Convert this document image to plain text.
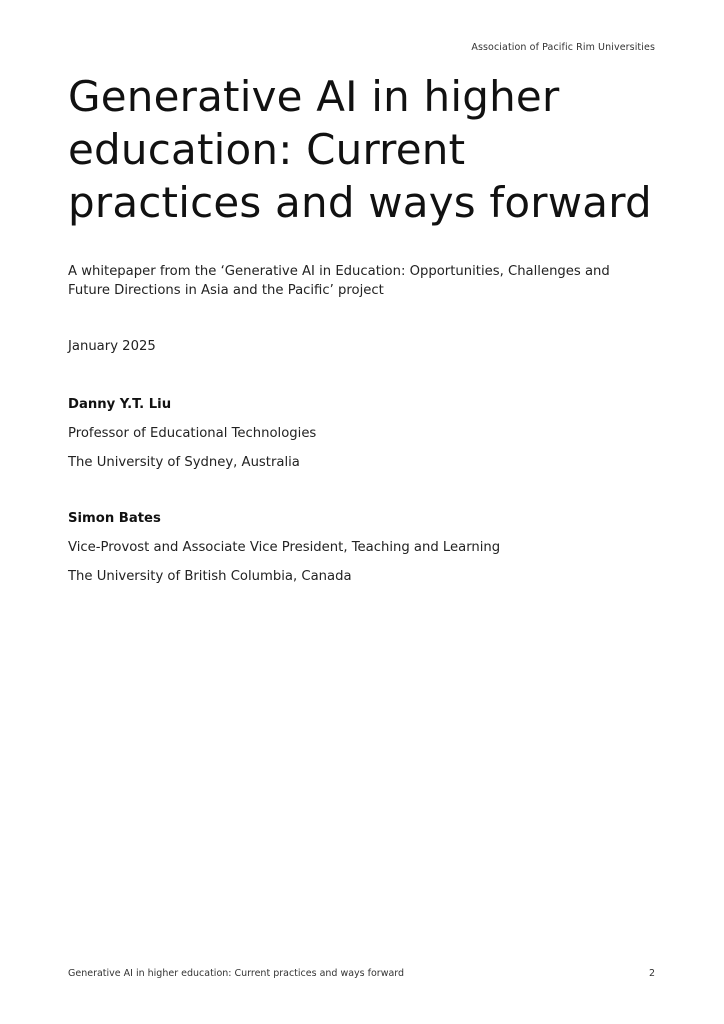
Association of Pacific Rim Universities
Generative AI in higher education: Current practices and ways forward
A whitepaper from the ‘Generative AI in Education: Opportunities, Challenges and Future Directions in Asia and the Pacific’ project
January 2025
Danny Y.T. Liu
Professor of Educational Technologies
The University of Sydney, Australia
Simon Bates
Vice-Provost and Associate Vice President, Teaching and Learning
The University of British Columbia, Canada
Generative AI in higher education: Current practices and ways forward	2
